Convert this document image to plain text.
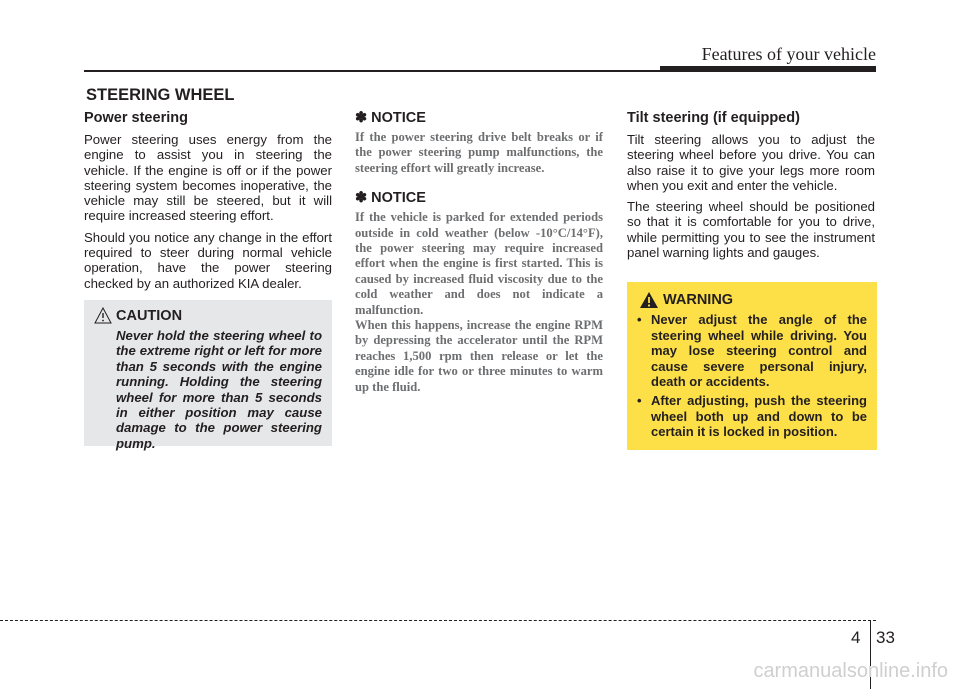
Features of your vehicle
STEERING WHEEL
Power steering

Power steering uses energy from the engine to assist you in steering the vehicle. If the engine is off or if the power steering system becomes inoperative, the vehicle may still be steered, but it will require increased steering effort.

Should you notice any change in the effort required to steer during normal vehicle operation, have the power steering checked by an authorized KIA dealer.

CAUTION
Never hold the steering wheel to the extreme right or left for more than 5 seconds with the engine running. Holding the steering wheel for more than 5 seconds in either position may cause damage to the power steering pump.
✽ NOTICE

If the power steering drive belt breaks or if the power steering pump malfunctions, the steering effort will greatly increase.

✽ NOTICE

If the vehicle is parked for extended periods outside in cold weather (below -10°C/14°F), the power steering may require increased effort when the engine is first started. This is caused by increased fluid viscosity due to the cold weather and does not indicate a malfunction.

When this happens, increase the engine RPM by depressing the accelerator until the RPM reaches 1,500 rpm then release or let the engine idle for two or three minutes to warm up the fluid.

Tilt steering (if equipped)

Tilt steering allows you to adjust the steering wheel before you drive. You can also raise it to give your legs more room when you exit and enter the vehicle.

The steering wheel should be positioned so that it is comfortable for you to drive, while permitting you to see the instrument panel warning lights and gauges.

WARNING
• Never adjust the angle of the steering wheel while driving. You may lose steering control and cause severe personal injury, death or accidents.
• After adjusting, push the steering wheel both up and down to be certain it is locked in position.
4 33
carmanualsonline.info
